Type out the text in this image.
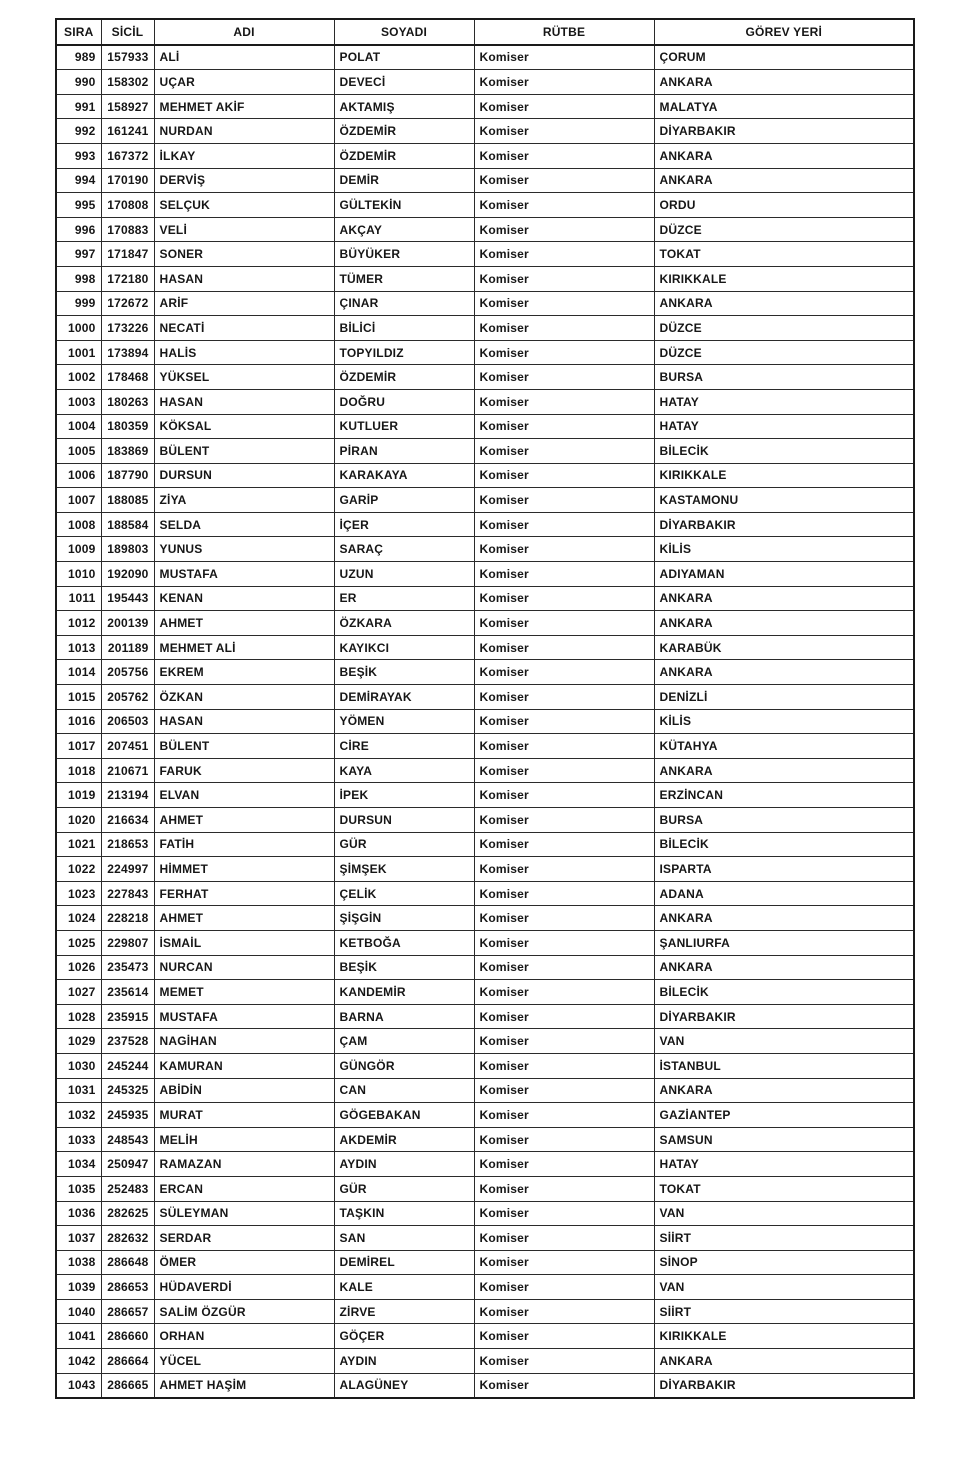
SIRA	SİCİL	ADI	SOYADI	RÜTBE	GÖREV YERİ
989	157933	ALİ	POLAT	Komiser	ÇORUM
990	158302	UÇAR	DEVECİ	Komiser	ANKARA
991	158927	MEHMET AKİF	AKTAMIŞ	Komiser	MALATYA
992	161241	NURDAN	ÖZDEMİR	Komiser	DİYARBAKIR
993	167372	İLKAY	ÖZDEMİR	Komiser	ANKARA
994	170190	DERVİŞ	DEMİR	Komiser	ANKARA
995	170808	SELÇUK	GÜLTEKİN	Komiser	ORDU
996	170883	VELİ	AKÇAY	Komiser	DÜZCE
997	171847	SONER	BÜYÜKER	Komiser	TOKAT
998	172180	HASAN	TÜMER	Komiser	KIRIKKALE
999	172672	ARİF	ÇINAR	Komiser	ANKARA
1000	173226	NECATİ	BİLİCİ	Komiser	DÜZCE
1001	173894	HALİS	TOPYILDIZ	Komiser	DÜZCE
1002	178468	YÜKSEL	ÖZDEMİR	Komiser	BURSA
1003	180263	HASAN	DOĞRU	Komiser	HATAY
1004	180359	KÖKSAL	KUTLUER	Komiser	HATAY
1005	183869	BÜLENT	PİRAN	Komiser	BİLECİK
1006	187790	DURSUN	KARAKAYA	Komiser	KIRIKKALE
1007	188085	ZİYA	GARİP	Komiser	KASTAMONU
1008	188584	SELDA	İÇER	Komiser	DİYARBAKIR
1009	189803	YUNUS	SARAÇ	Komiser	KİLİS
1010	192090	MUSTAFA	UZUN	Komiser	ADIYAMAN
1011	195443	KENAN	ER	Komiser	ANKARA
1012	200139	AHMET	ÖZKARA	Komiser	ANKARA
1013	201189	MEHMET ALİ	KAYIKCI	Komiser	KARABÜK
1014	205756	EKREM	BEŞİK	Komiser	ANKARA
1015	205762	ÖZKAN	DEMİRAYAK	Komiser	DENİZLİ
1016	206503	HASAN	YÖMEN	Komiser	KİLİS
1017	207451	BÜLENT	CİRE	Komiser	KÜTAHYA
1018	210671	FARUK	KAYA	Komiser	ANKARA
1019	213194	ELVAN	İPEK	Komiser	ERZİNCAN
1020	216634	AHMET	DURSUN	Komiser	BURSA
1021	218653	FATİH	GÜR	Komiser	BİLECİK
1022	224997	HİMMET	ŞİMŞEK	Komiser	ISPARTA
1023	227843	FERHAT	ÇELİK	Komiser	ADANA
1024	228218	AHMET	ŞİŞGİN	Komiser	ANKARA
1025	229807	İSMAİL	KETBOĞA	Komiser	ŞANLIURFA
1026	235473	NURCAN	BEŞİK	Komiser	ANKARA
1027	235614	MEMET	KANDEMİR	Komiser	BİLECİK
1028	235915	MUSTAFA	BARNA	Komiser	DİYARBAKIR
1029	237528	NAGİHAN	ÇAM	Komiser	VAN
1030	245244	KAMURAN	GÜNGÖR	Komiser	İSTANBUL
1031	245325	ABİDİN	CAN	Komiser	ANKARA
1032	245935	MURAT	GÖGEBAKAN	Komiser	GAZİANTEP
1033	248543	MELİH	AKDEMİR	Komiser	SAMSUN
1034	250947	RAMAZAN	AYDIN	Komiser	HATAY
1035	252483	ERCAN	GÜR	Komiser	TOKAT
1036	282625	SÜLEYMAN	TAŞKIN	Komiser	VAN
1037	282632	SERDAR	SAN	Komiser	SİİRT
1038	286648	ÖMER	DEMİREL	Komiser	SİNOP
1039	286653	HÜDAVERDİ	KALE	Komiser	VAN
1040	286657	SALİM ÖZGÜR	ZİRVE	Komiser	SİİRT
1041	286660	ORHAN	GÖÇER	Komiser	KIRIKKALE
1042	286664	YÜCEL	AYDIN	Komiser	ANKARA
1043	286665	AHMET HAŞİM	ALAGÜNEY	Komiser	DİYARBAKIR
